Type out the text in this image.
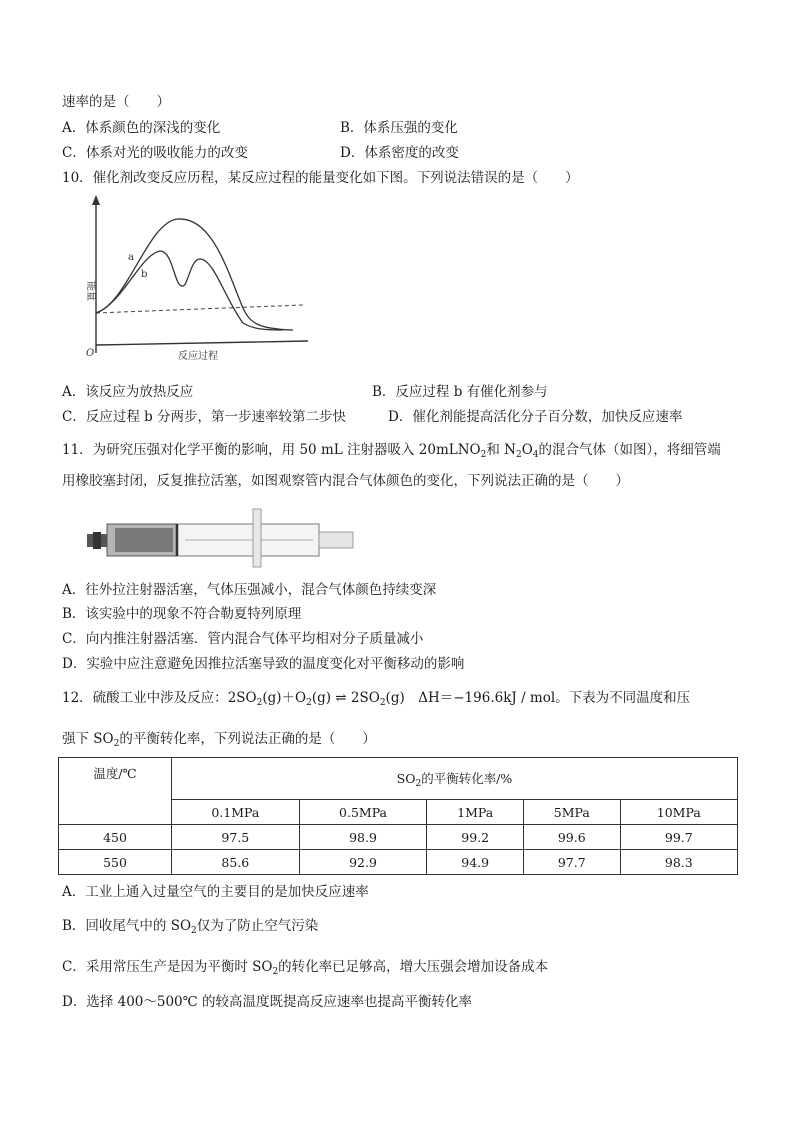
速率的是（　　）
A．体系颜色的深浅的变化	B．体系压强的变化
C．体系对光的吸收能力的改变	D．体系密度的改变
10．催化剂改变反应历程，某反应过程的能量变化如下图。下列说法错误的是（　　）
能量
a
b
O	反应过程
A．该反应为放热反应	B．反应过程 b 有催化剂参与
C．反应过程 b 分两步，第一步速率较第二步快	D．催化剂能提高活化分子百分数，加快反应速率
11．为研究压强对化学平衡的影响，用 50 mL 注射器吸入 20mLNO$_2$和 $N_2O_4$的混合气体（如图），将细管端
用橡胶塞封闭，反复推拉活塞，如图观察管内混合气体颜色的变化，下列说法正确的是（　　）
A．往外拉注射器活塞，气体压强减小，混合气体颜色持续变深
B．该实验中的现象不符合勒夏特列原理
C．向内推注射器活塞．管内混合气体平均相对分子质量减小
D．实验中应注意避免因推拉活塞导致的温度变化对平衡移动的影响
12．硫酸工业中涉及反应：$2SO_2(g)+O_2(g)$ ⇌ $2SO_2(g)$　ΔH＝−196.6kJ / mol。下表为不同温度和压
强下 $SO_2$的平衡转化率，下列说法正确的是（　　）
温度/℃	$SO_2$的平衡转化率/%				
	0.1MPa	0.5MPa	1MPa	5MPa	10MPa
450	97.5	98.9	99.2	99.6	99.7
550	85.6	92.9	94.9	97.7	98.3
A．工业上通入过量空气的主要目的是加快反应速率
B．回收尾气中的 $SO_2$仅为了防止空气污染
C．采用常压生产是因为平衡时 $SO_2$的转化率已足够高，增大压强会增加设备成本
D．选择 400～500℃ 的较高温度既提高反应速率也提高平衡转化率
